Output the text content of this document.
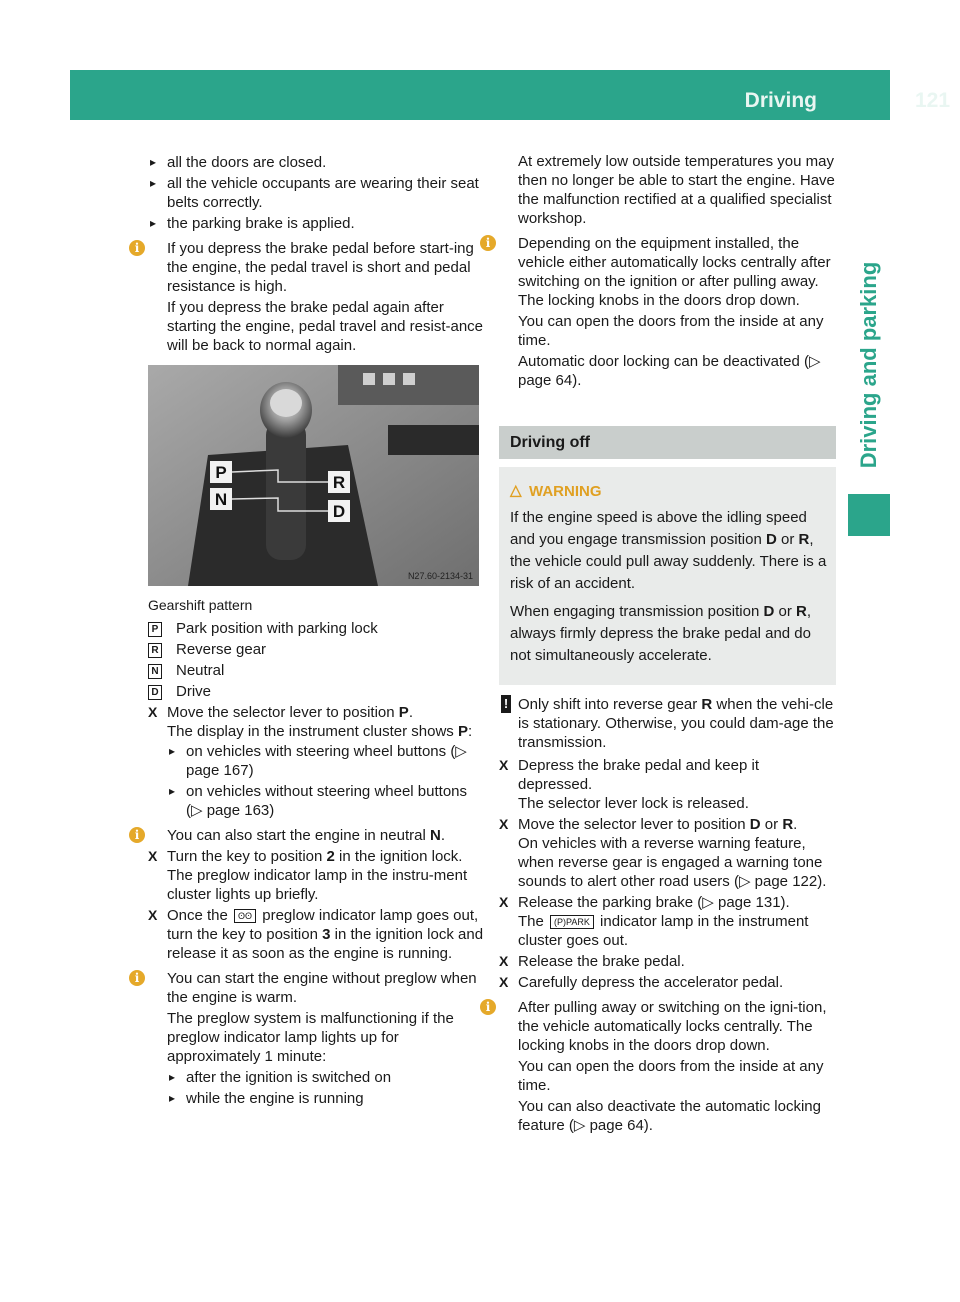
Driving	121
Driving and parking
▸ all the doors are closed.
▸ all the vehicle occupants are wearing their seat belts correctly.
▸ the parking brake is applied.
i	If you depress the brake pedal before start-ing the engine, the pedal travel is short and pedal resistance is high.
If you depress the brake pedal again after starting the engine, pedal travel and resist-ance will be back to normal again.
P
N
R
D
N27.60-2134-31
Gearshift pattern
P Park position with parking lock
R Reverse gear
N Neutral
D Drive
X Move the selector lever to position P.
The display in the instrument cluster shows P:
▸ on vehicles with steering wheel buttons (▷ page 167)
▸ on vehicles without steering wheel buttons (▷ page 163)
i	You can also start the engine in neutral N.
X Turn the key to position 2 in the ignition lock.
The preglow indicator lamp in the instru-ment cluster lights up briefly.
X Once the ʘʘ preglow indicator lamp goes out, turn the key to position 3 in the ignition lock and release it as soon as the engine is running.
i	You can start the engine without preglow when the engine is warm.
The preglow system is malfunctioning if the preglow indicator lamp lights up for approximately 1 minute:
▸ after the ignition is switched on
▸ while the engine is running
At extremely low outside temperatures you may then no longer be able to start the engine. Have the malfunction rectified at a qualified specialist workshop.
i	Depending on the equipment installed, the vehicle either automatically locks centrally after switching on the ignition or after pulling away. The locking knobs in the doors drop down.
You can open the doors from the inside at any time.
Automatic door locking can be deactivated (▷ page 64).
Driving off
△ WARNING
If the engine speed is above the idling speed and you engage transmission position D or R, the vehicle could pull away suddenly. There is a risk of an accident.
When engaging transmission position D or R, always firmly depress the brake pedal and do not simultaneously accelerate.
! Only shift into reverse gear R when the vehi-cle is stationary. Otherwise, you could dam-age the transmission.
X Depress the brake pedal and keep it depressed.
The selector lever lock is released.
X Move the selector lever to position D or R.
On vehicles with a reverse warning feature, when reverse gear is engaged a warning tone sounds to alert other road users (▷ page 122).
X Release the parking brake (▷ page 131).
The (P)PARK indicator lamp in the instrument cluster goes out.
X Release the brake pedal.
X Carefully depress the accelerator pedal.
i	After pulling away or switching on the igni-tion, the vehicle automatically locks centrally. The locking knobs in the doors drop down.
You can open the doors from the inside at any time.
You can also deactivate the automatic locking feature (▷ page 64).
